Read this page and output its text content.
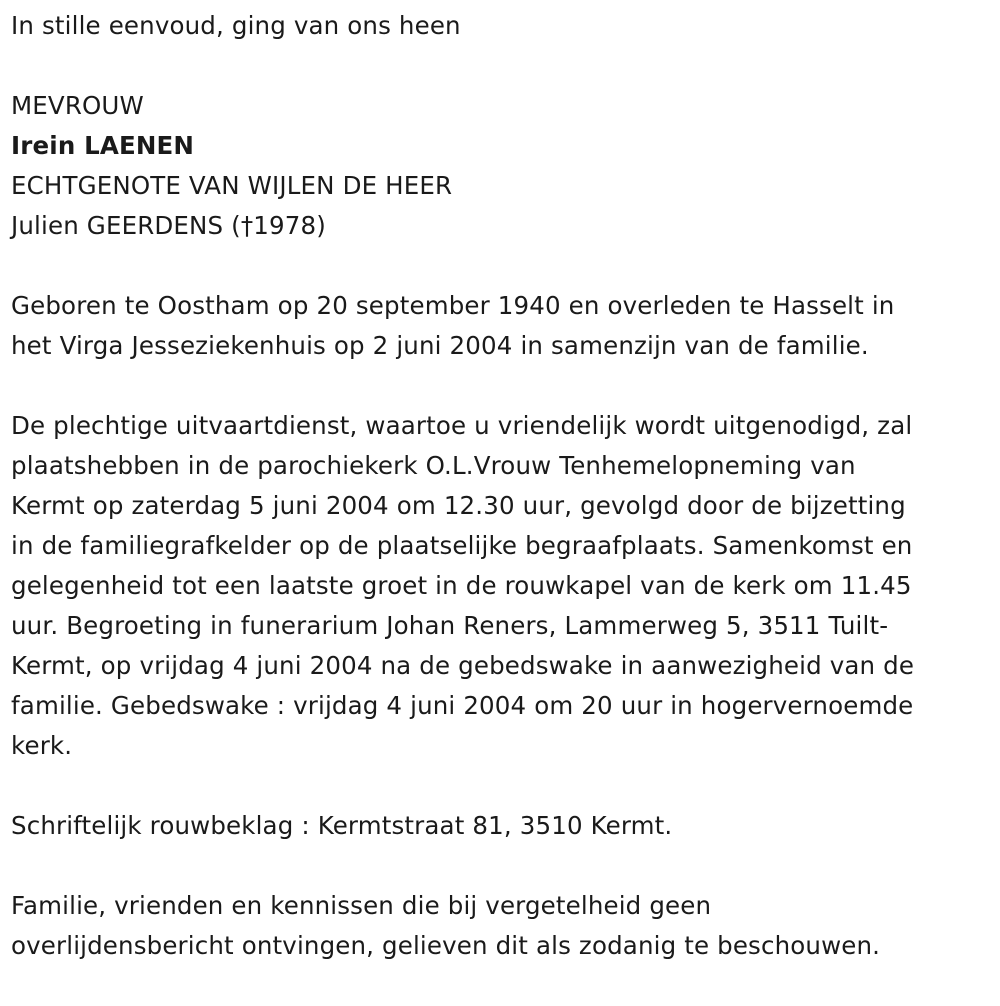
In stille eenvoud, ging van ons heen
MEVROUW
Irein LAENEN
ECHTGENOTE VAN WIJLEN DE HEER
Julien GEERDENS (†1978)
Geboren te Oostham op 20 september 1940 en overleden te Hasselt in
het Virga Jesseziekenhuis op 2 juni 2004 in samenzijn van de familie.
De plechtige uitvaartdienst, waartoe u vriendelijk wordt uitgenodigd, zal
plaatshebben in de parochiekerk O.L.Vrouw Tenhemelopneming van
Kermt op zaterdag 5 juni 2004 om 12.30 uur, gevolgd door de bijzetting
in de familiegrafkelder op de plaatselijke begraafplaats. Samenkomst en
gelegenheid tot een laatste groet in de rouwkapel van de kerk om 11.45
uur. Begroeting in funerarium Johan Reners, Lammerweg 5, 3511 Tuilt-
Kermt, op vrijdag 4 juni 2004 na de gebedswake in aanwezigheid van de
familie. Gebedswake : vrijdag 4 juni 2004 om 20 uur in hogervernoemde
kerk.
Schriftelijk rouwbeklag : Kermtstraat 81, 3510 Kermt.
Familie, vrienden en kennissen die bij vergetelheid geen
overlijdensbericht ontvingen, gelieven dit als zodanig te beschouwen.
